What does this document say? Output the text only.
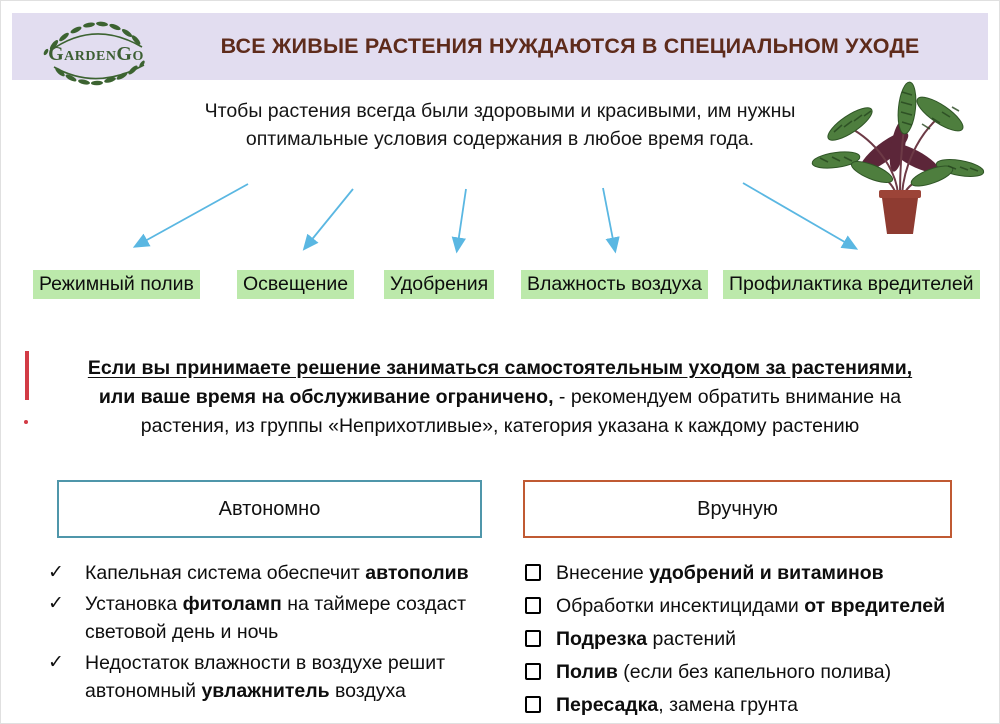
GardenGo	ВСЕ ЖИВЫЕ РАСТЕНИЯ НУЖДАЮТСЯ В СПЕЦИАЛЬНОМ УХОДЕ
Чтобы растения всегда были здоровыми и красивыми, им нужны
оптимальные условия содержания в любое время года.
Режимный полив	Освещение	Удобрения	Влажность воздуха	Профилактика вредителей
Если вы принимаете решение заниматься самостоятельным уходом за растениями,
или ваше время на обслуживание ограничено, - рекомендуем обратить внимание на
растения, из группы «Неприхотливые», категория указана к каждому растению
Автономно	Вручную
✓	Капельная система обеспечит автополив
✓	Установка фитоламп на таймере создаст световой день и ночь
✓	Недостаток влажности в воздухе решит автономный увлажнитель воздуха
Внесение удобрений и витаминов
Обработки инсектицидами от вредителей
Подрезка растений
Полив (если без капельного полива)
Пересадка, замена грунта
